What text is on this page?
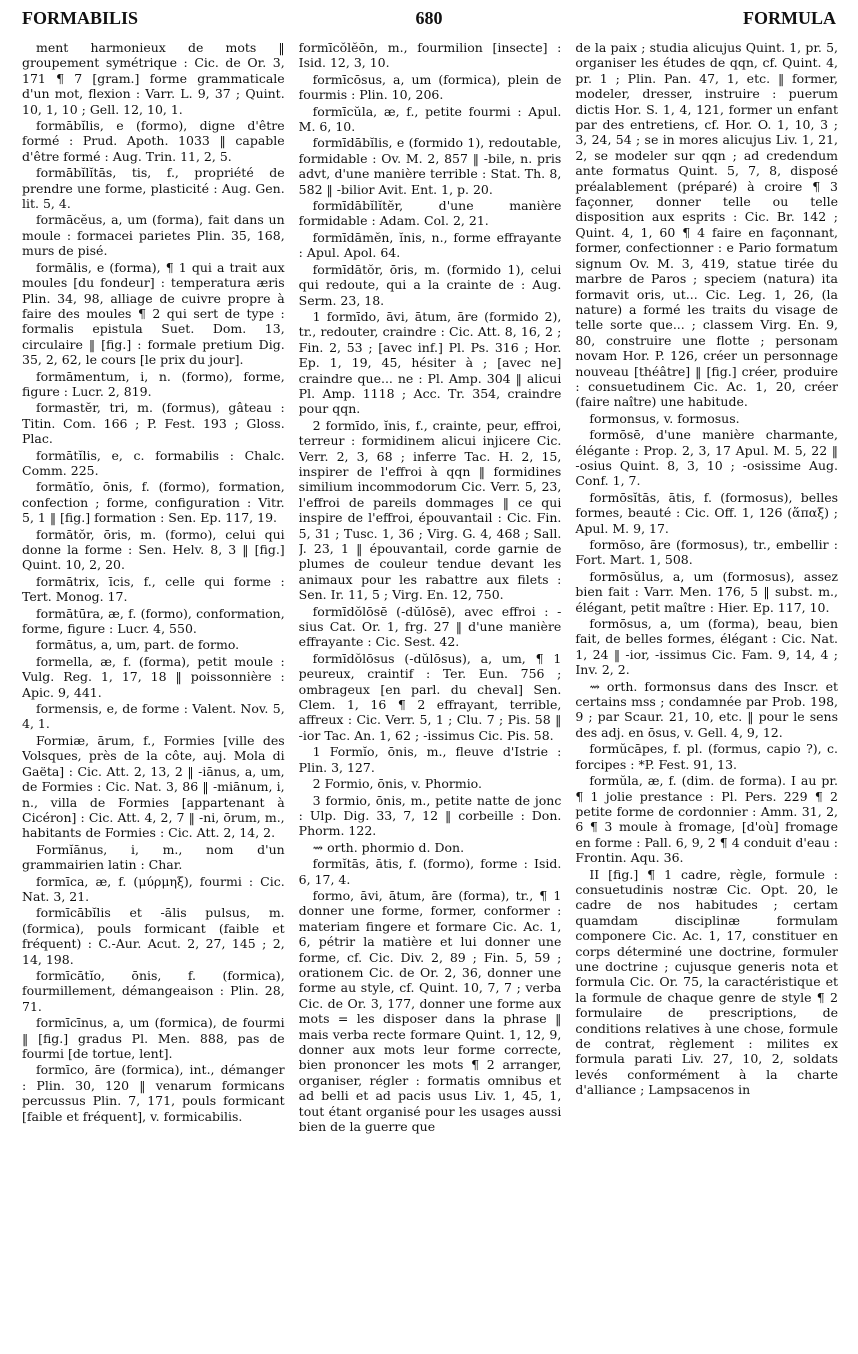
FORMABILIS	680	FORMULA

ment harmonieux de mots ‖ groupement symétrique : Cic. de Or. 3, 171 ¶ 7 [gram.] forme grammaticale d'un mot, flexion : Varr. L. 9, 37 ; Quint. 10, 1, 10 ; Gell. 12, 10, 1.

formābĭlis, e (formo), digne d'être formé : Prud. Apoth. 1033 ‖ capable d'être formé : Aug. Trin. 11, 2, 5.

formābĭlĭtās, tis, f., propriété de prendre une forme, plasticité : Aug. Gen. lit. 5, 4.

formācĕus, a, um (forma), fait dans un moule : formacei parietes Plin. 35, 168, murs de pisé.

formālis, e (forma), ¶ 1 qui a trait aux moules [du fondeur] : temperatura æris Plin. 34, 98, alliage de cuivre propre à faire des moules ¶ 2 qui sert de type : formalis epistula Suet. Dom. 13, circulaire ‖ [fig.] : formale pretium Dig. 35, 2, 62, le cours [le prix du jour].

formāmentum, i, n. (formo), forme, figure : Lucr. 2, 819.

formastĕr, tri, m. (formus), gâteau : Titin. Com. 166 ; P. Fest. 193 ; Gloss. Plac.

formātĭlis, e, c. formabilis : Chalc. Comm. 225.

formātĭo, ōnis, f. (formo), formation, confection ; forme, configuration : Vitr. 5, 1 ‖ [fig.] formation : Sen. Ep. 117, 19.

formātŏr, ōris, m. (formo), celui qui donne la forme : Sen. Helv. 8, 3 ‖ [fig.] Quint. 10, 2, 20.

formātrix, īcis, f., celle qui forme : Tert. Monog. 17.

formātūra, æ, f. (formo), conformation, forme, figure : Lucr. 4, 550.

formātus, a, um, part. de formo.

formella, æ, f. (forma), petit moule : Vulg. Reg. 1, 17, 18 ‖ poissonnière : Apic. 9, 441.

formensis, e, de forme : Valent. Nov. 5, 4, 1.

Formiæ, ārum, f., Formies [ville des Volsques, près de la côte, auj. Mola di Gaëta] : Cic. Att. 2, 13, 2 ‖ -iānus, a, um, de Formies : Cic. Nat. 3, 86 ‖ -miānum, i, n., villa de Formies [appartenant à Cicéron] : Cic. Att. 4, 2, 7 ‖ -ni, ōrum, m., habitants de Formies : Cic. Att. 2, 14, 2.

Formĭānus, i, m., nom d'un grammairien latin : Char.

formīca, æ, f. (μύρμηξ), fourmi : Cic. Nat. 3, 21.

formīcābĭlis et -ālis pulsus, m. (formica), pouls formicant (faible et fréquent) : C.-Aur. Acut. 2, 27, 145 ; 2, 14, 198.

formīcātĭo, ōnis, f. (formica), fourmillement, démangeaison : Plin. 28, 71.

formīcīnus, a, um (formica), de fourmi ‖ [fig.] gradus Pl. Men. 888, pas de fourmi [de tortue, lent].

formīco, āre (formica), int., démanger : Plin. 30, 120 ‖ venarum formicans percussus Plin. 7, 171, pouls formicant [faible et fréquent], v. formicabilis.

formīcŏlĕōn, m., fourmilion [insecte] : Isid. 12, 3, 10.

formīcōsus, a, um (formica), plein de fourmis : Plin. 10, 206.

formīcŭla, æ, f., petite fourmi : Apul. M. 6, 10.

formīdābĭlis, e (formido 1), redoutable, formidable : Ov. M. 2, 857 ‖ -bile, n. pris advt, d'une manière terrible : Stat. Th. 8, 582 ‖ -bilior Avit. Ent. 1, p. 20.

formīdābĭlĭtĕr, d'une manière formidable : Adam. Col. 2, 21.

formīdāmĕn, ĭnis, n., forme effrayante : Apul. Apol. 64.

formīdātŏr, ōris, m. (formido 1), celui qui redoute, qui a la crainte de : Aug. Serm. 23, 18.

1 formīdo, āvi, ātum, āre (formido 2), tr., redouter, craindre : Cic. Att. 8, 16, 2 ; Fin. 2, 53 ; [avec inf.] Pl. Ps. 316 ; Hor. Ep. 1, 19, 45, hésiter à ; [avec ne] craindre que... ne : Pl. Amp. 304 ‖ alicui Pl. Amp. 1118 ; Acc. Tr. 354, craindre pour qqn.

2 formīdo, ĭnis, f., crainte, peur, effroi, terreur : formidinem alicui injicere Cic. Verr. 2, 3, 68 ; inferre Tac. H. 2, 15, inspirer de l'effroi à qqn ‖ formidines similium incommodorum Cic. Verr. 5, 23, l'effroi de pareils dommages ‖ ce qui inspire de l'effroi, épouvantail : Cic. Fin. 5, 31 ; Tusc. 1, 36 ; Virg. G. 4, 468 ; Sall. J. 23, 1 ‖ épouvantail, corde garnie de plumes de couleur tendue devant les animaux pour les rabattre aux filets : Sen. Ir. 11, 5 ; Virg. En. 12, 750.

formīdŏlōsē (-dŭlōsē), avec effroi : -sius Cat. Or. 1, frg. 27 ‖ d'une manière effrayante : Cic. Sest. 42.

formīdŏlōsus (-dŭlōsus), a, um, ¶ 1 peureux, craintif : Ter. Eun. 756 ; ombrageux [en parl. du cheval] Sen. Clem. 1, 16 ¶ 2 effrayant, terrible, affreux : Cic. Verr. 5, 1 ; Clu. 7 ; Pis. 58 ‖ -ior Tac. An. 1, 62 ; -issimus Cic. Pis. 58.

1 Formĭo, ōnis, m., fleuve d'Istrie : Plin. 3, 127.

2 Formio, ōnis, v. Phormio.

3 formio, ōnis, m., petite natte de jonc : Ulp. Dig. 33, 7, 12 ‖ corbeille : Don. Phorm. 122.

⇝ orth. phormio d. Don.

formĭtās, ātis, f. (formo), forme : Isid. 6, 17, 4.

formo, āvi, ātum, āre (forma), tr., ¶ 1 donner une forme, former, conformer : materiam fingere et formare Cic. Ac. 1, 6, pétrir la matière et lui donner une forme, cf. Cic. Div. 2, 89 ; Fin. 5, 59 ; orationem Cic. de Or. 2, 36, donner une forme au style, cf. Quint. 10, 7, 7 ; verba Cic. de Or. 3, 177, donner une forme aux mots = les disposer dans la phrase ‖ mais verba recte formare Quint. 1, 12, 9, donner aux mots leur forme correcte, bien prononcer les mots ¶ 2 arranger, organiser, régler : formatis omnibus et ad belli et ad pacis usus Liv. 1, 45, 1, tout étant organisé pour les usages aussi bien de la guerre que

de la paix ; studia alicujus Quint. 1, pr. 5, organiser les études de qqn, cf. Quint. 4, pr. 1 ; Plin. Pan. 47, 1, etc. ‖ former, modeler, dresser, instruire : puerum dictis Hor. S. 1, 4, 121, former un enfant par des entretiens, cf. Hor. O. 1, 10, 3 ; 3, 24, 54 ; se in mores alicujus Liv. 1, 21, 2, se modeler sur qqn ; ad credendum ante formatus Quint. 5, 7, 8, disposé préalablement (préparé) à croire ¶ 3 façonner, donner telle ou telle disposition aux esprits : Cic. Br. 142 ; Quint. 4, 1, 60 ¶ 4 faire en façonnant, former, confectionner : e Pario formatum signum Ov. M. 3, 419, statue tirée du marbre de Paros ; speciem (natura) ita formavit oris, ut... Cic. Leg. 1, 26, (la nature) a formé les traits du visage de telle sorte que... ; classem Virg. En. 9, 80, construire une flotte ; personam novam Hor. P. 126, créer un personnage nouveau [théâtre] ‖ [fig.] créer, produire : consuetudinem Cic. Ac. 1, 20, créer (faire naître) une habitude.

formonsus, v. formosus.

formōsē, d'une manière charmante, élégante : Prop. 2, 3, 17 Apul. M. 5, 22 ‖ -osius Quint. 8, 3, 10 ; -osissime Aug. Conf. 1, 7.

formōsĭtās, ātis, f. (formosus), belles formes, beauté : Cic. Off. 1, 126 (ἅπαξ) ; Apul. M. 9, 17.

formōso, āre (formosus), tr., embellir : Fort. Mart. 1, 508.

formōsŭlus, a, um (formosus), assez bien fait : Varr. Men. 176, 5 ‖ subst. m., élégant, petit maître : Hier. Ep. 117, 10.

formōsus, a, um (forma), beau, bien fait, de belles formes, élégant : Cic. Nat. 1, 24 ‖ -ior, -issimus Cic. Fam. 9, 14, 4 ; Inv. 2, 2.

⇝ orth. formonsus dans des Inscr. et certains mss ; condamnée par Prob. 198, 9 ; par Scaur. 21, 10, etc. ‖ pour le sens des adj. en ōsus, v. Gell. 4, 9, 12.

formŭcāpes, f. pl. (formus, capio ?), c. forcipes : *P. Fest. 91, 13.

formŭla, æ, f. (dim. de forma). I au pr. ¶ 1 jolie prestance : Pl. Pers. 229 ¶ 2 petite forme de cordonnier : Amm. 31, 2, 6 ¶ 3 moule à fromage, [d'où] fromage en forme : Pall. 6, 9, 2 ¶ 4 conduit d'eau : Frontin. Aqu. 36.

II [fig.] ¶ 1 cadre, règle, formule : consuetudinis nostræ Cic. Opt. 20, le cadre de nos habitudes ; certam quamdam disciplinæ formulam componere Cic. Ac. 1, 17, constituer en corps déterminé une doctrine, formuler une doctrine ; cujusque generis nota et formula Cic. Or. 75, la caractéristique et la formule de chaque genre de style ¶ 2 formulaire de prescriptions, de conditions relatives à une chose, formule de contrat, règlement : milites ex formula parati Liv. 27, 10, 2, soldats levés conformément à la charte d'alliance ; Lampsacenos in
